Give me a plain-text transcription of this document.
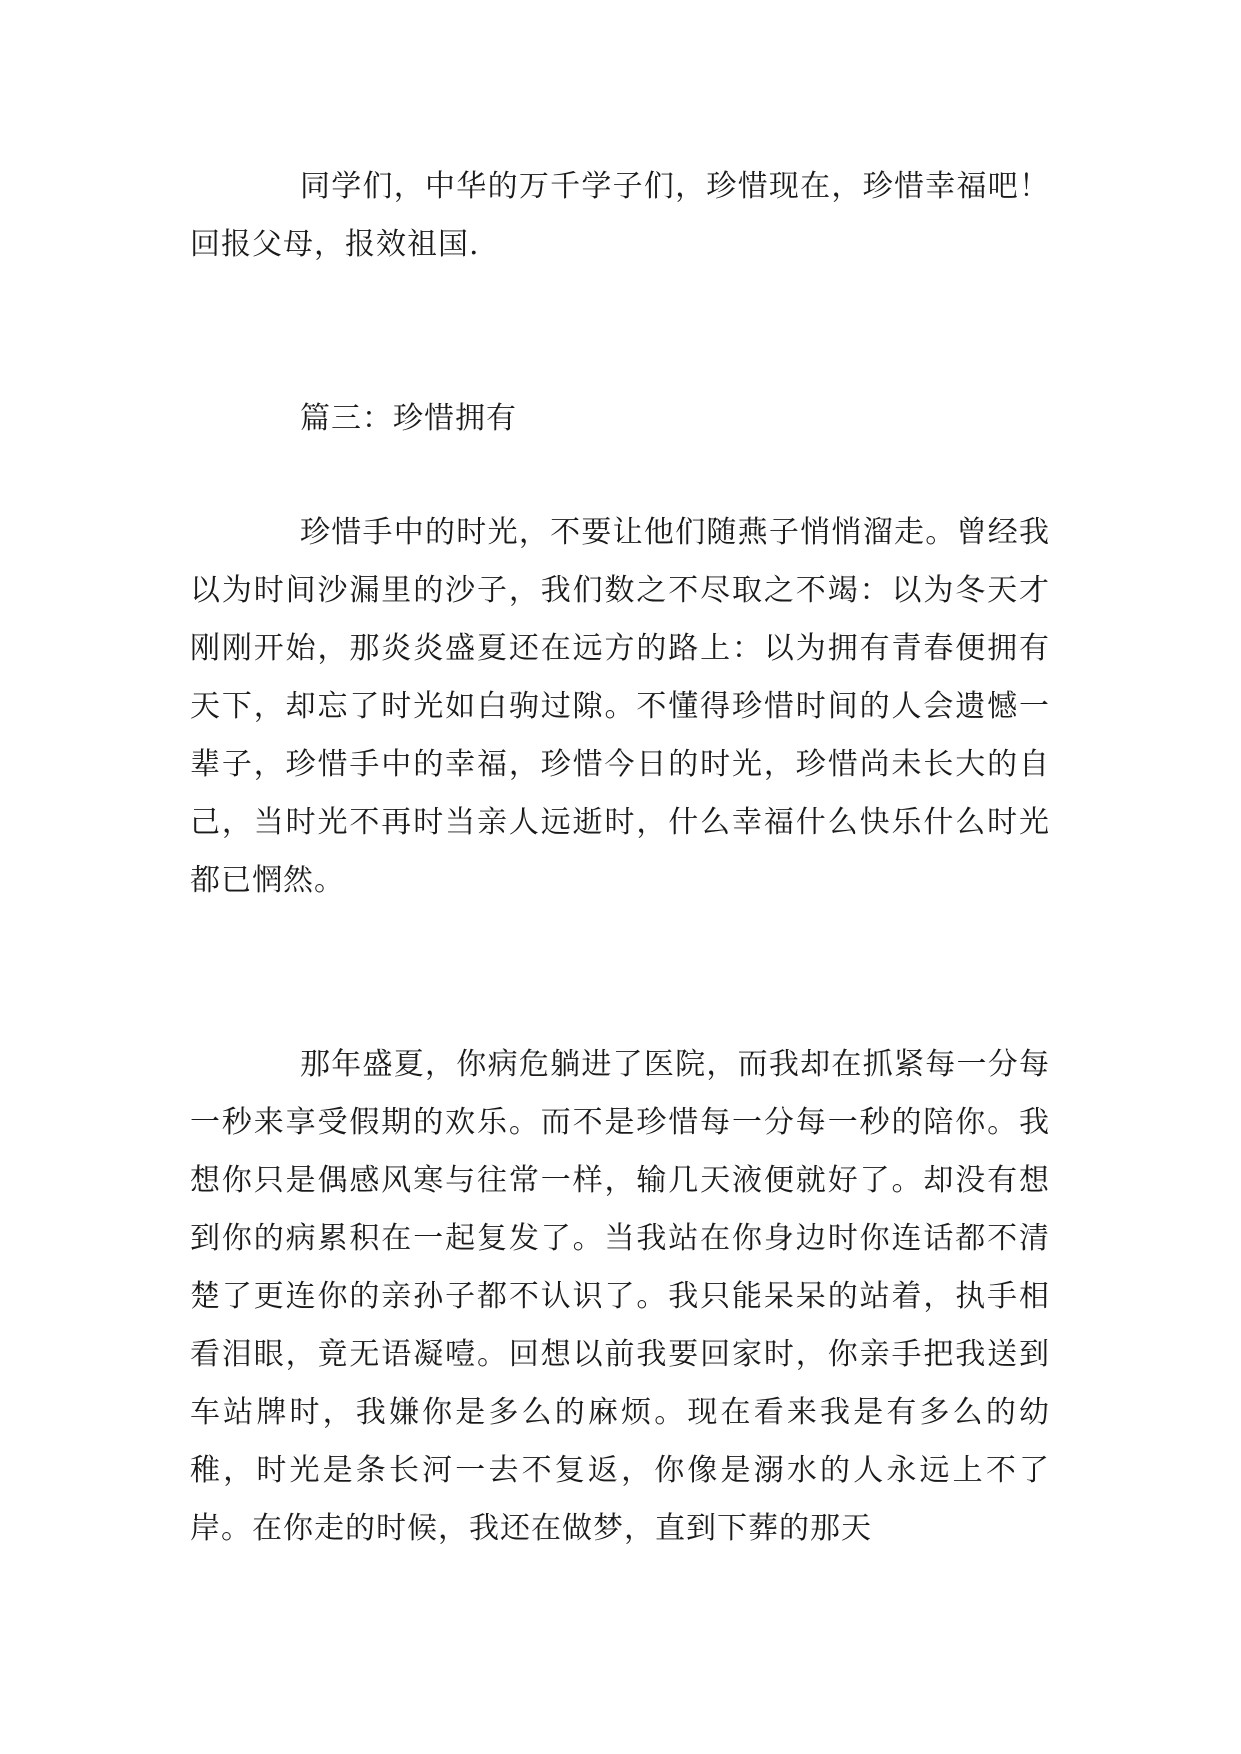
同学们，中华的万千学子们，珍惜现在，珍惜幸福吧！回报父母，报效祖国.

篇三：珍惜拥有

珍惜手中的时光，不要让他们随燕子悄悄溜走。曾经我以为时间沙漏里的沙子，我们数之不尽取之不竭：以为冬天才刚刚开始，那炎炎盛夏还在远方的路上：以为拥有青春便拥有天下，却忘了时光如白驹过隙。不懂得珍惜时间的人会遗憾一辈子，珍惜手中的幸福，珍惜今日的时光，珍惜尚未长大的自己，当时光不再时当亲人远逝时，什么幸福什么快乐什么时光都已惘然。

那年盛夏，你病危躺进了医院，而我却在抓紧每一分每一秒来享受假期的欢乐。而不是珍惜每一分每一秒的陪你。我想你只是偶感风寒与往常一样，输几天液便就好了。却没有想到你的病累积在一起复发了。当我站在你身边时你连话都不清楚了更连你的亲孙子都不认识了。我只能呆呆的站着，执手相看泪眼，竟无语凝噎。回想以前我要回家时，你亲手把我送到车站牌时，我嫌你是多么的麻烦。现在看来我是有多么的幼稚，时光是条长河一去不复返，你像是溺水的人永远上不了岸。在你走的时候，我还在做梦，直到下葬的那天
